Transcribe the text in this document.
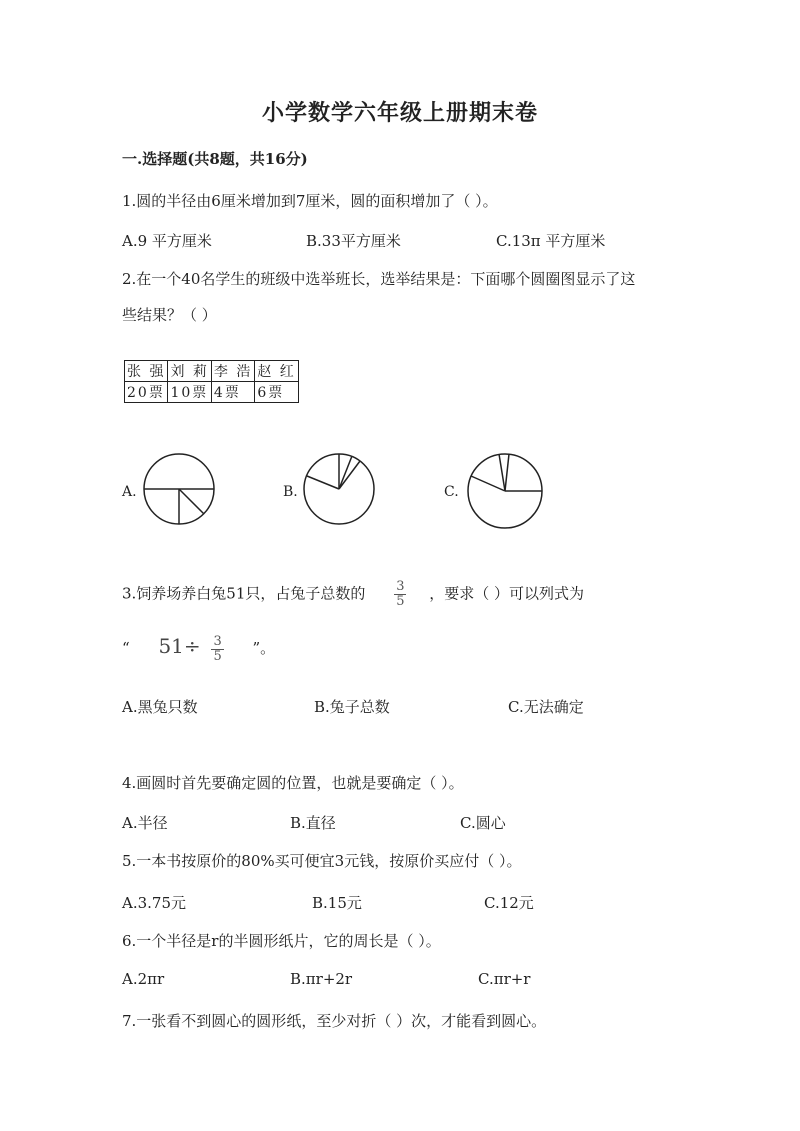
小学数学六年级上册期末卷
一.选择题(共8题，共16分)
1.圆的半径由6厘米增加到7厘米，圆的面积增加了（ ）。
A.9 平方厘米	B.33平方厘米	C.13π 平方厘米
2.在一个40名学生的班级中选举班长，选举结果是：下面哪个圆圈图显示了这
些结果？（ ）
张 强	刘 莉	李 浩	赵 红
20票	10票	4票	6票
A.	B.	C.
3.饲养场养白兔51只，占兔子总数的 $\frac{3}{5}$ ，要求（ ）可以列式为
“ $51\div \frac{3}{5}$ ”。
A.黑兔只数	B.兔子总数	C.无法确定
4.画圆时首先要确定圆的位置，也就是要确定（ ）。
A.半径	B.直径	C.圆心
5.一本书按原价的80%买可便宜3元钱，按原价买应付（ ）。
A.3.75元	B.15元	C.12元
6.一个半径是r的半圆形纸片，它的周长是（ ）。
A.2πr	B.πr+2r	C.πr+r
7.一张看不到圆心的圆形纸，至少对折（ ）次，才能看到圆心。
